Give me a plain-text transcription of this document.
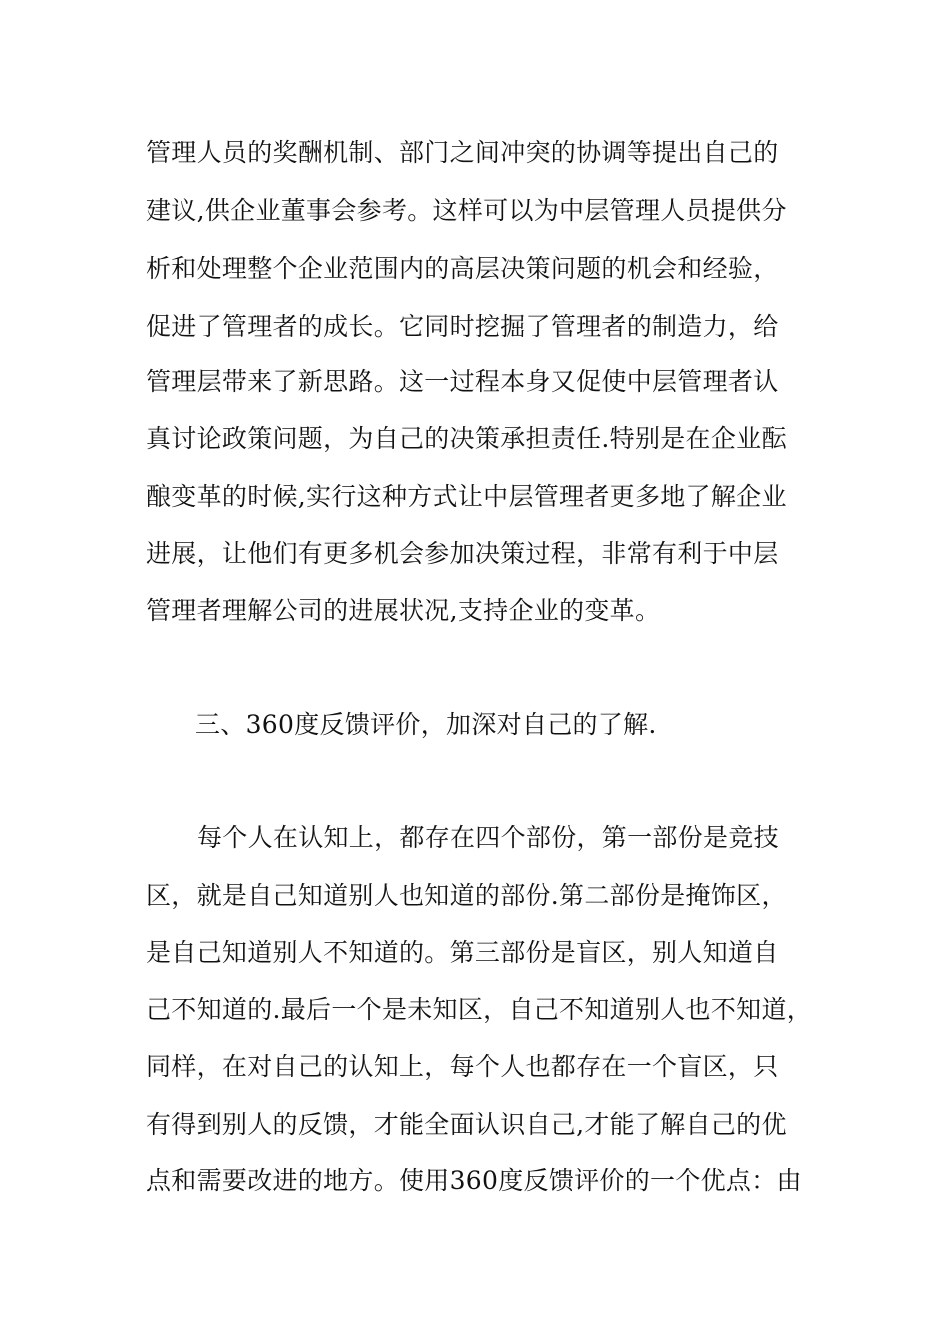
管理人员的奖酬机制、部门之间冲突的协调等提出自己的
建议,供企业董事会参考。这样可以为中层管理人员提供分
析和处理整个企业范围内的高层决策问题的机会和经验，
促进了管理者的成长。它同时挖掘了管理者的制造力，给
管理层带来了新思路。这一过程本身又促使中层管理者认
真讨论政策问题，为自己的决策承担责任.特别是在企业酝
酿变革的时候,实行这种方式让中层管理者更多地了解企业
进展，让他们有更多机会参加决策过程，非常有利于中层
管理者理解公司的进展状况,支持企业的变革。
三、360度反馈评价，加深对自己的了解.
每个人在认知上，都存在四个部份，第一部份是竞技
区，就是自己知道别人也知道的部份.第二部份是掩饰区，
是自己知道别人不知道的。第三部份是盲区，别人知道自
己不知道的.最后一个是未知区，自己不知道别人也不知道，
同样，在对自己的认知上，每个人也都存在一个盲区，只
有得到别人的反馈，才能全面认识自己,才能了解自己的优
点和需要改进的地方。使用360度反馈评价的一个优点：由
